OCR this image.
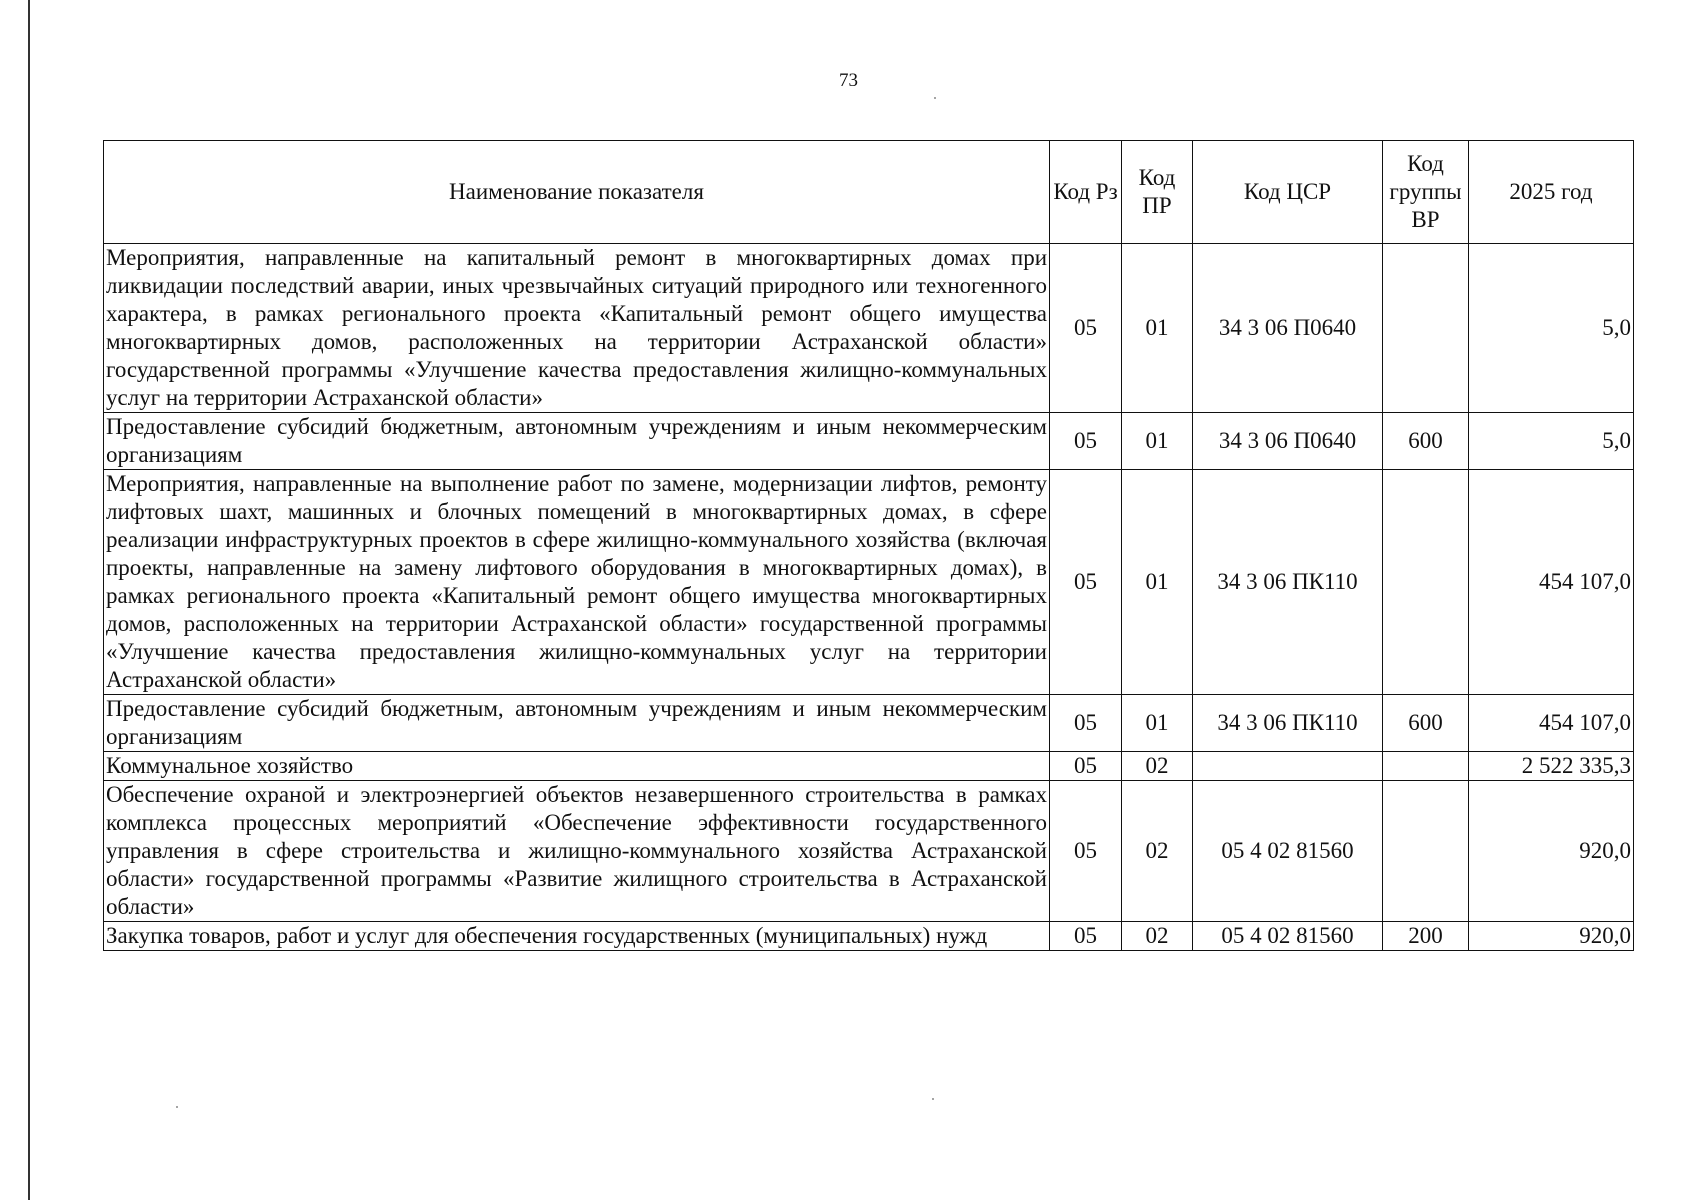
73
Наименование показателя	Код Рз	Код ПР	Код ЦСР	Код группы ВР	2025 год
Мероприятия, направленные на капитальный ремонт в многоквартирных домах при ликвидации последствий аварии, иных чрезвычайных ситуаций природного или техногенного характера, в рамках регионального проекта «Капитальный ремонт общего имущества многоквартирных домов, расположенных на территории Астраханской области» государственной программы «Улучшение качества предоставления жилищно-коммунальных услуг на территории Астраханской области»	05	01	34 3 06 П0640		5,0
Предоставление субсидий бюджетным, автономным учреждениям и иным некоммерческим организациям	05	01	34 3 06 П0640	600	5,0
Мероприятия, направленные на выполнение работ по замене, модернизации лифтов, ремонту лифтовых шахт, машинных и блочных помещений в многоквартирных домах, в сфере реализации инфраструктурных проектов в сфере жилищно-коммунального хозяйства (включая проекты, направленные на замену лифтового оборудования в многоквартирных домах), в рамках регионального проекта «Капитальный ремонт общего имущества многоквартирных домов, расположенных на территории Астраханской области» государственной программы «Улучшение качества предоставления жилищно-коммунальных услуг на территории Астраханской области»	05	01	34 3 06 ПК110		454 107,0
Предоставление субсидий бюджетным, автономным учреждениям и иным некоммерческим организациям	05	01	34 3 06 ПК110	600	454 107,0
Коммунальное хозяйство	05	02			2 522 335,3
Обеспечение охраной и электроэнергией объектов незавершенного строительства в рамках комплекса процессных мероприятий «Обеспечение эффективности государственного управления в сфере строительства и жилищно-коммунального хозяйства Астраханской области» государственной программы «Развитие жилищного строительства в Астраханской области»	05	02	05 4 02 81560		920,0
Закупка товаров, работ и услуг для обеспечения государственных (муниципальных) нужд	05	02	05 4 02 81560	200	920,0
